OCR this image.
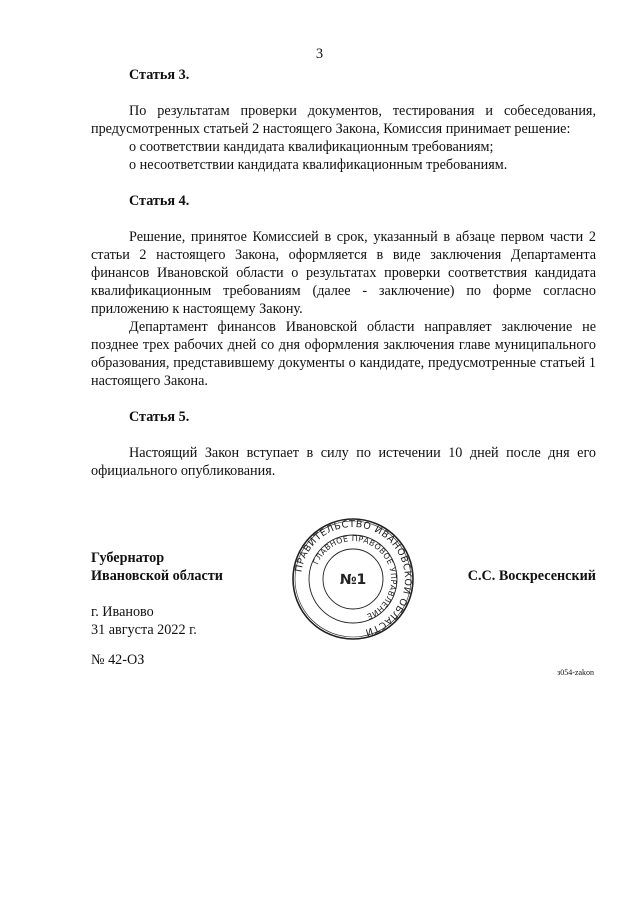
3

Статья 3.

По результатам проверки документов, тестирования и собеседования, предусмотренных статьей 2 настоящего Закона, Комиссия принимает решение:

о соответствии кандидата квалификационным требованиям;

о несоответствии кандидата квалификационным требованиям.

Статья 4.

Решение, принятое Комиссией в срок, указанный в абзаце первом части 2 статьи 2 настоящего Закона, оформляется в виде заключения Департамента финансов Ивановской области о результатах проверки соответствия кандидата квалификационным требованиям (далее - заключение) по форме согласно приложению к настоящему Закону.

Департамент финансов Ивановской области направляет заключение не позднее трех рабочих дней со дня оформления заключения главе муниципального образования, представившему документы о кандидате, предусмотренные статьей 1 настоящего Закона.

Статья 5.

Настоящий Закон вступает в силу по истечении 10 дней после дня его официального опубликования.

Губернатор
Ивановской области	С.С. Воскресенский
ПРАВИТЕЛЬСТВО ИВАНОВСКОЙ ОБЛАСТИ
ГЛАВНОЕ ПРАВОВОЕ УПРАВЛЕНИЕ
№1
г. Иваново
31 августа 2022 г.
№ 42-ОЗ
з054-zakon
